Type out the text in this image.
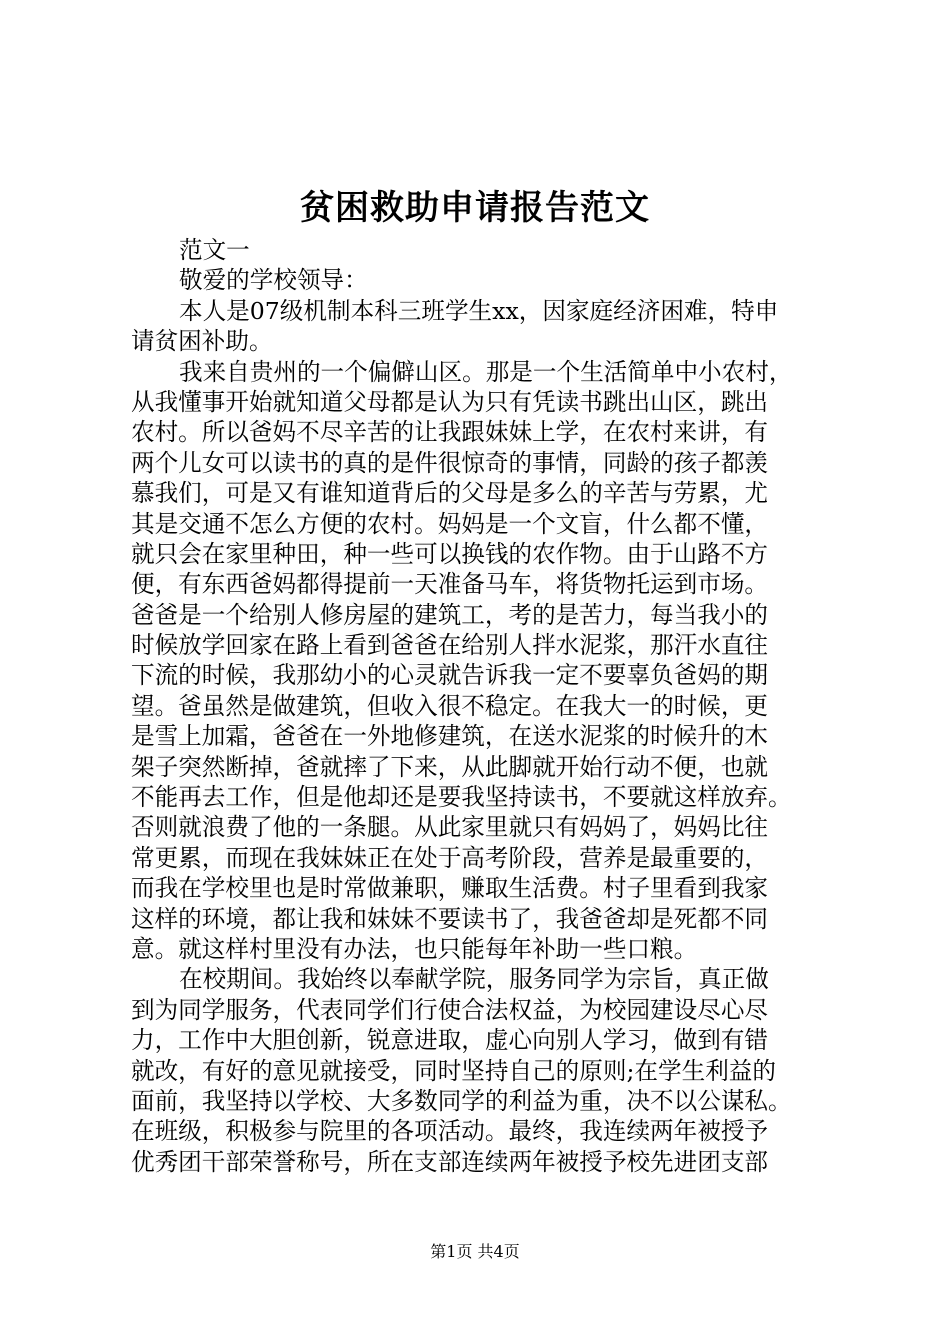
贫困救助申请报告范文
范文一
敬爱的学校领导：
本人是07级机制本科三班学生xx，因家庭经济困难，特申
请贫困补助。
我来自贵州的一个偏僻山区。那是一个生活简单中小农村，
从我懂事开始就知道父母都是认为只有凭读书跳出山区，跳出
农村。所以爸妈不尽辛苦的让我跟妹妹上学，在农村来讲，有
两个儿女可以读书的真的是件很惊奇的事情，同龄的孩子都羡
慕我们，可是又有谁知道背后的父母是多么的辛苦与劳累，尤
其是交通不怎么方便的农村。妈妈是一个文盲，什么都不懂，
就只会在家里种田，种一些可以换钱的农作物。由于山路不方
便，有东西爸妈都得提前一天准备马车，将货物托运到市场。
爸爸是一个给别人修房屋的建筑工，考的是苦力，每当我小的
时候放学回家在路上看到爸爸在给别人拌水泥浆，那汗水直往
下流的时候，我那幼小的心灵就告诉我一定不要辜负爸妈的期
望。爸虽然是做建筑，但收入很不稳定。在我大一的时候，更
是雪上加霜，爸爸在一外地修建筑，在送水泥浆的时候升的木
架子突然断掉，爸就摔了下来，从此脚就开始行动不便，也就
不能再去工作，但是他却还是要我坚持读书，不要就这样放弃。
否则就浪费了他的一条腿。从此家里就只有妈妈了，妈妈比往
常更累，而现在我妹妹正在处于高考阶段，营养是最重要的，
而我在学校里也是时常做兼职，赚取生活费。村子里看到我家
这样的环境，都让我和妹妹不要读书了，我爸爸却是死都不同
意。就这样村里没有办法，也只能每年补助一些口粮。
在校期间。我始终以奉献学院，服务同学为宗旨，真正做
到为同学服务，代表同学们行使合法权益，为校园建设尽心尽
力，工作中大胆创新，锐意进取，虚心向别人学习，做到有错
就改，有好的意见就接受，同时坚持自己的原则;在学生利益的
面前，我坚持以学校、大多数同学的利益为重，决不以公谋私。
在班级，积极参与院里的各项活动。最终，我连续两年被授予
优秀团干部荣誉称号，所在支部连续两年被授予校先进团支部
第1页 共4页
